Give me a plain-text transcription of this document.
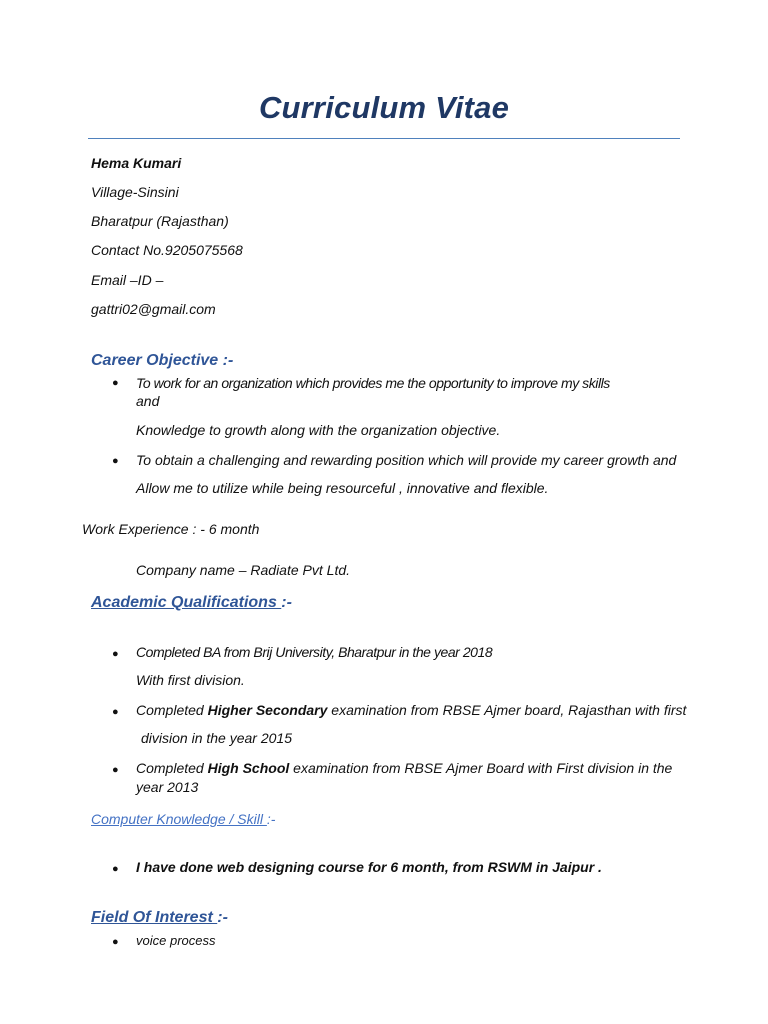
Curriculum Vitae
Hema Kumari
Village-Sinsini
Bharatpur (Rajasthan)
Contact No.9205075568
Email –ID –
gattri02@gmail.com
Career Objective :-
● To work for an organization which provides me the opportunity to improve my skills
and
Knowledge to growth along with the organization objective.
● To obtain a challenging and rewarding position which will provide my career growth and
Allow me to utilize while being resourceful , innovative and flexible.
Work Experience : - 6 month
Company name – Radiate Pvt Ltd.
Academic Qualifications :-
● Completed BA from Brij University, Bharatpur in the year 2018
With first division.
● Completed Higher Secondary examination from RBSE Ajmer board, Rajasthan with first
division in the year 2015
● Completed High School examination from RBSE Ajmer Board with First division in the
year 2013
Computer Knowledge / Skill :-
● I have done web designing course for 6 month, from RSWM in Jaipur .
Field Of Interest :-
● voice process
